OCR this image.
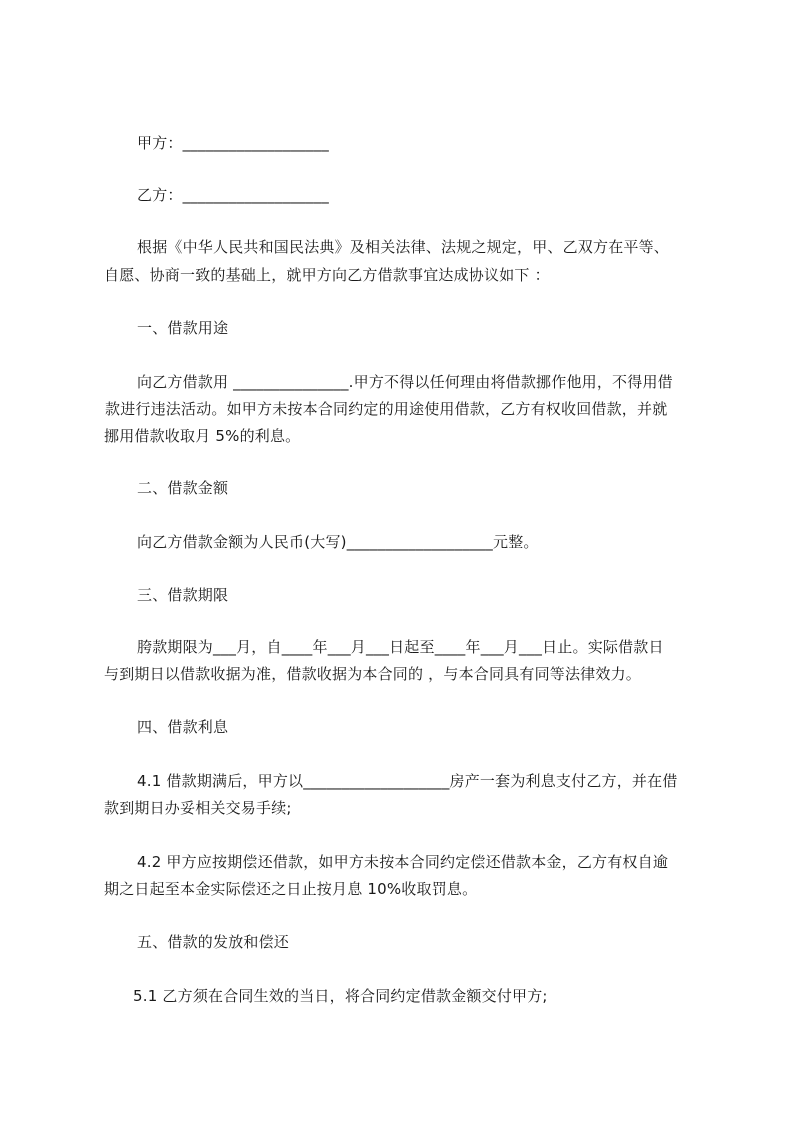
甲方：___________________
乙方：___________________
根据《中华人民共和国民法典》及相关法律、法规之规定，甲、乙双方在平等、
自愿、协商一致的基础上，就甲方向乙方借款事宜达成协议如下 ：
一、借款用途
向乙方借款用 _______________.甲方不得以任何理由将借款挪作他用，不得用借
款进行违法活动。如甲方未按本合同约定的用途使用借款，乙方有权收回借款，并就
挪用借款收取月 5%的利息。
二、借款金额
向乙方借款金额为人民币(大写)___________________元整。
三、借款期限
胯款期限为___月，自____年___月___日起至____年___月___日止。实际借款日
与到期日以借款收据为准，借款收据为本合同的 ，与本合同具有同等法律效力。
四、借款利息
4.1 借款期满后，甲方以___________________房产一套为利息支付乙方，并在借
款到期日办妥相关交易手续;
4.2 甲方应按期偿还借款，如甲方未按本合同约定偿还借款本金，乙方有权自逾
期之日起至本金实际偿还之日止按月息 10%收取罚息。
五、借款的发放和偿还
5.1 乙方须在合同生效的当日，将合同约定借款金额交付甲方;
